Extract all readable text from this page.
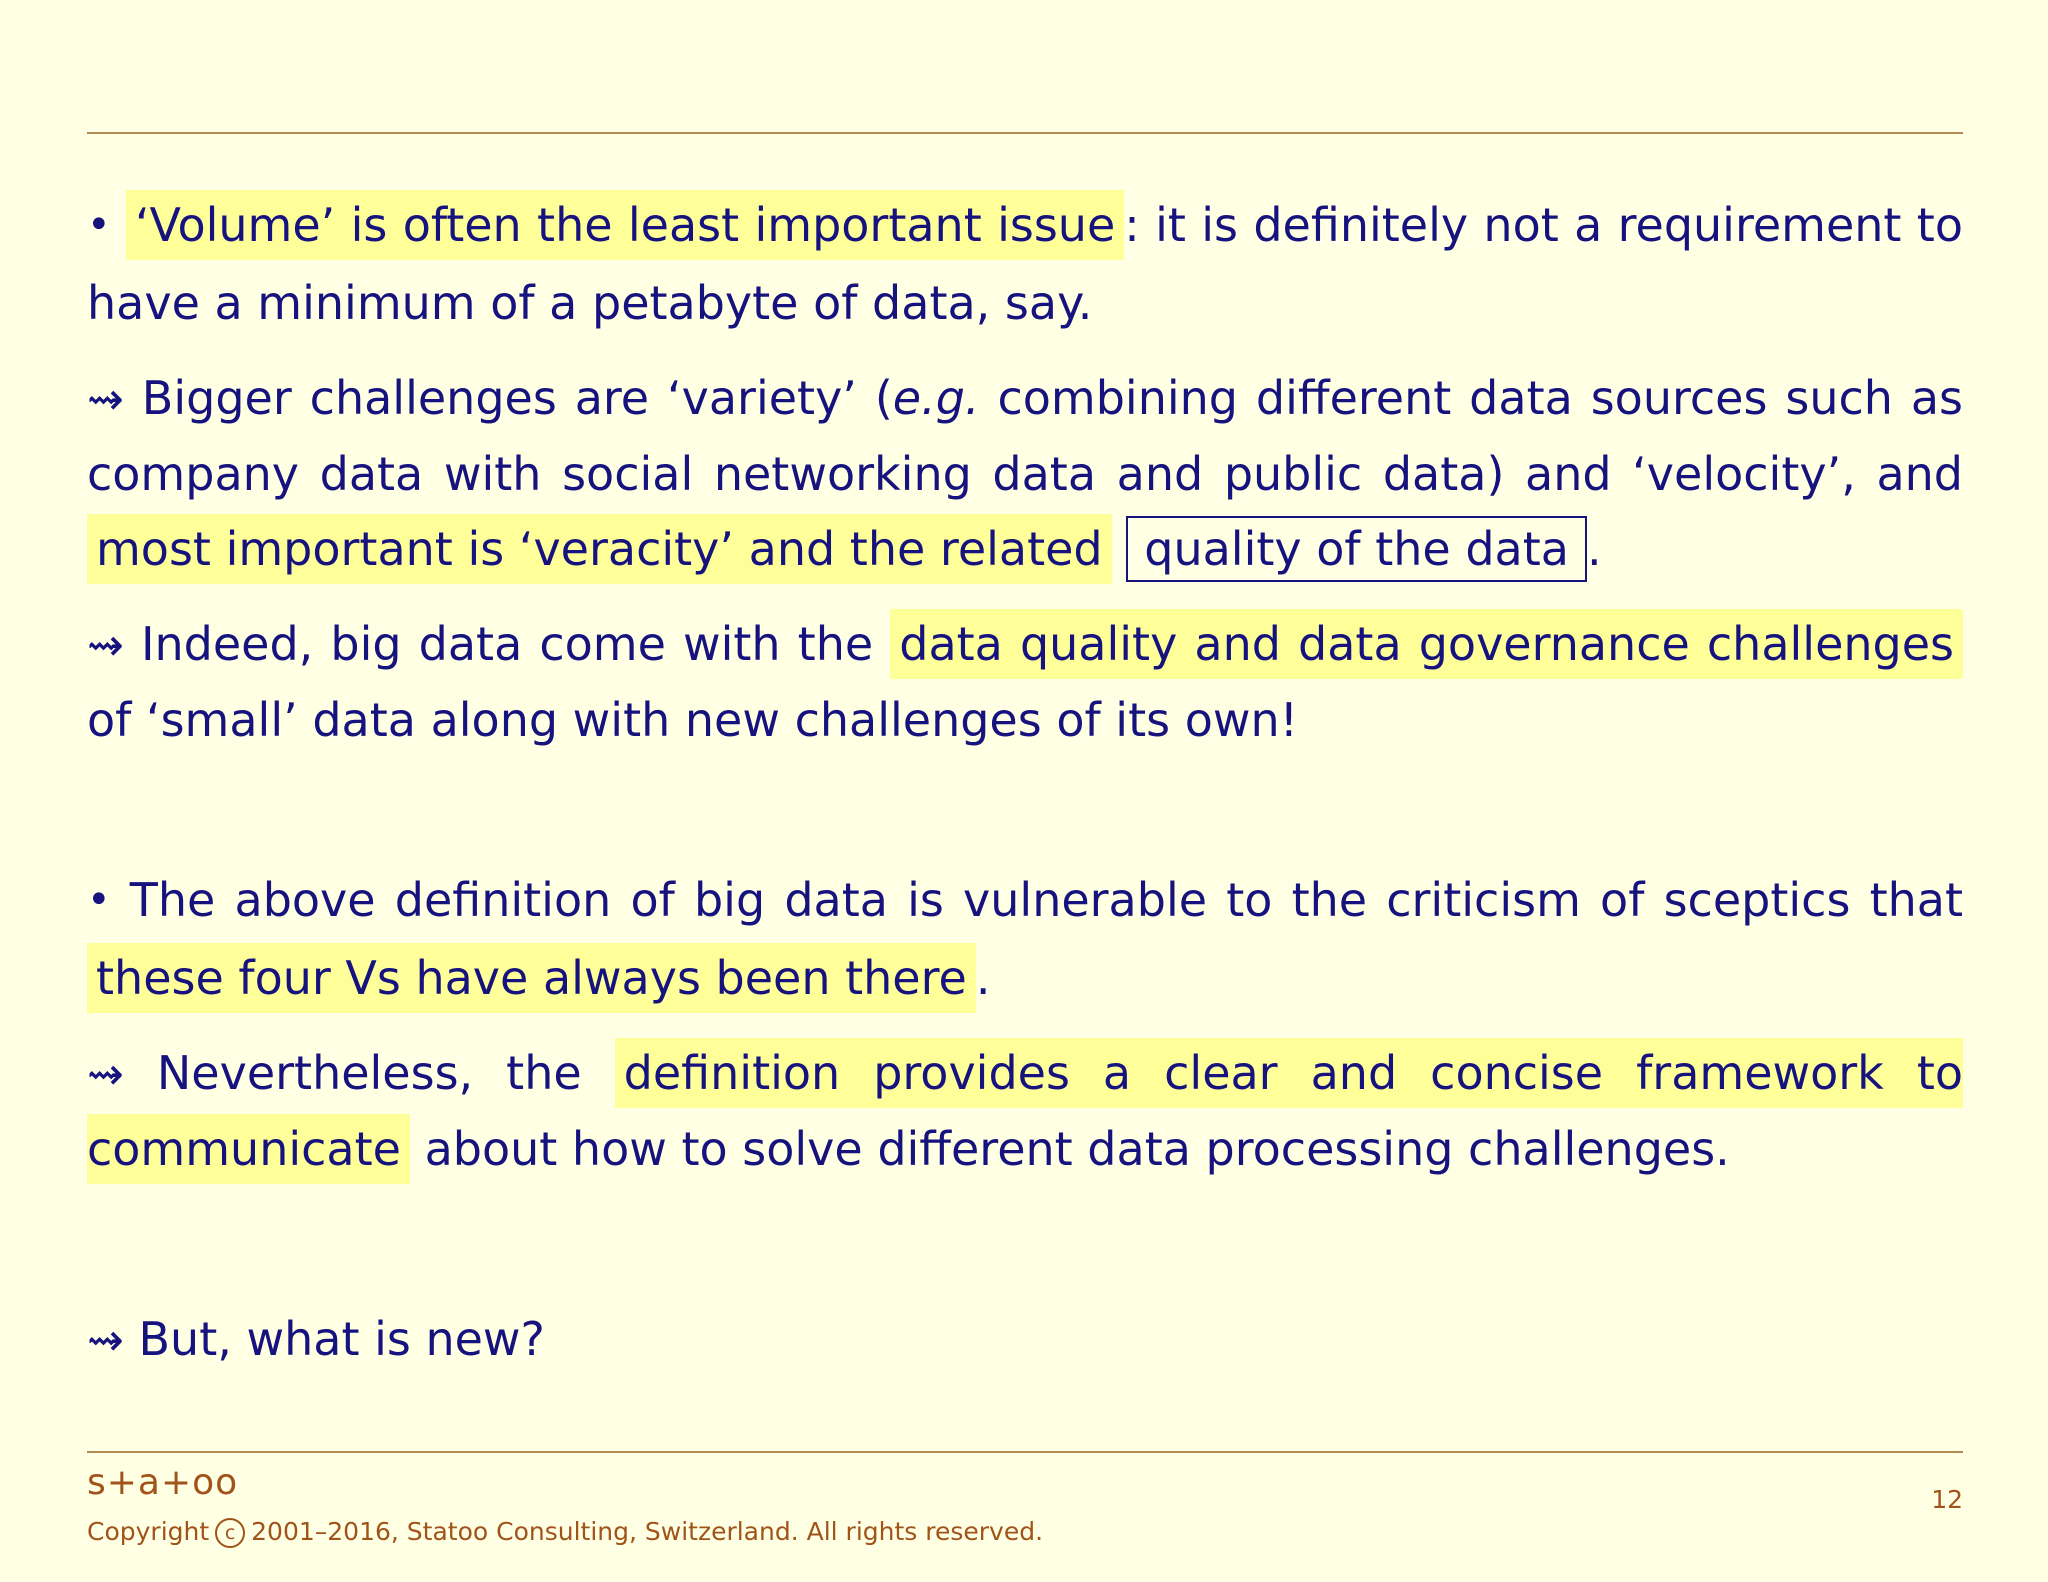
• ‘Volume’ is often the least important issue : it is definitely not a requirement to have a minimum of a petabyte of data, say.

⇝ Bigger challenges are ‘variety’ (e.g. combining different data sources such as company data with social networking data and public data) and ‘velocity’, and most important is ‘veracity’ and the related quality of the data .

⇝ Indeed, big data come with the data quality and data governance challenges of ‘small’ data along with new challenges of its own!

• The above definition of big data is vulnerable to the criticism of sceptics that these four Vs have always been there .

⇝ Nevertheless, the definition provides a clear and concise framework to communicate about how to solve different data processing challenges.

⇝ But, what is new?

s+a+oo
Copyright c 2001–2016, Statoo Consulting, Switzerland. All rights reserved.
12
